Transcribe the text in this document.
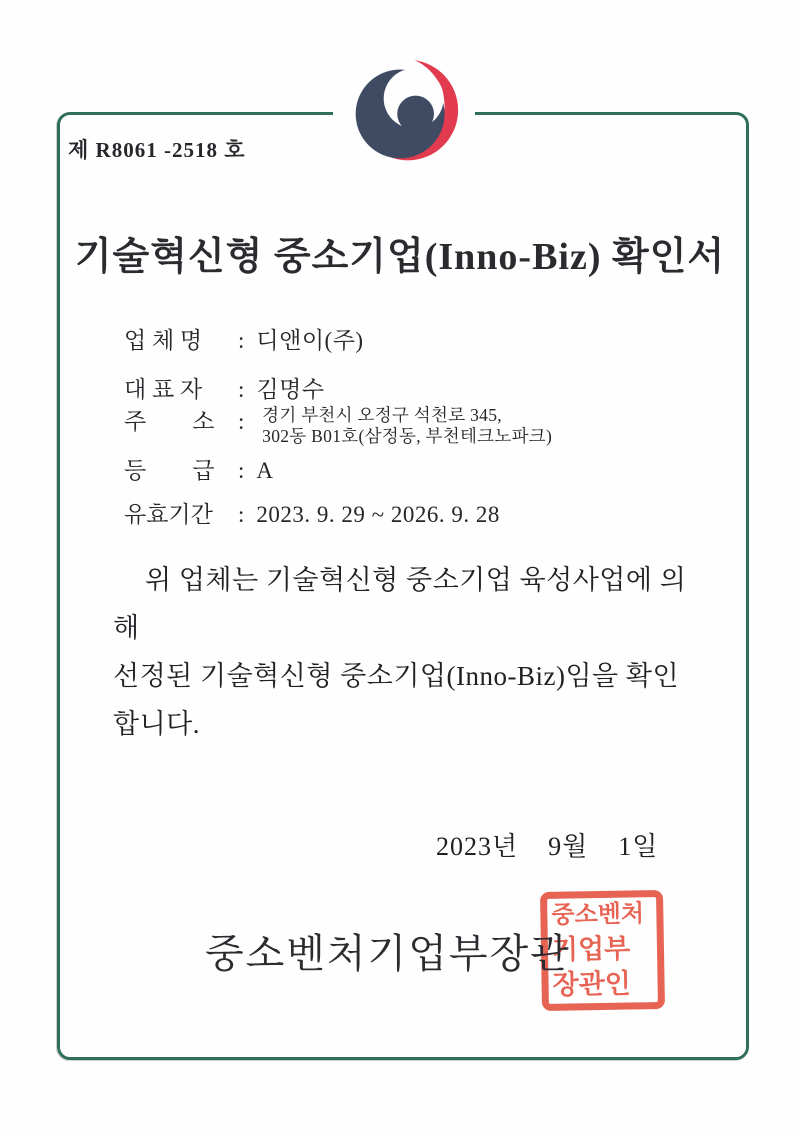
제 R8061 -2518 호
기술혁신형 중소기업(Inno-Biz) 확인서
업 체 명 : 디앤이(주)
대 표 자 : 김명수
주　　소 : 경기 부천시 오정구 석천로 345,
302동 B01호(삼정동, 부천테크노파크)
등　　급 : A
유효기간 : 2023. 9. 29 ~ 2026. 9. 28
위 업체는 기술혁신형 중소기업 육성사업에 의해
선정된 기술혁신형 중소기업(Inno-Biz)임을 확인
합니다.
2023년 9월 1일
중소벤처
기업부
장관인
중소벤처기업부장관
